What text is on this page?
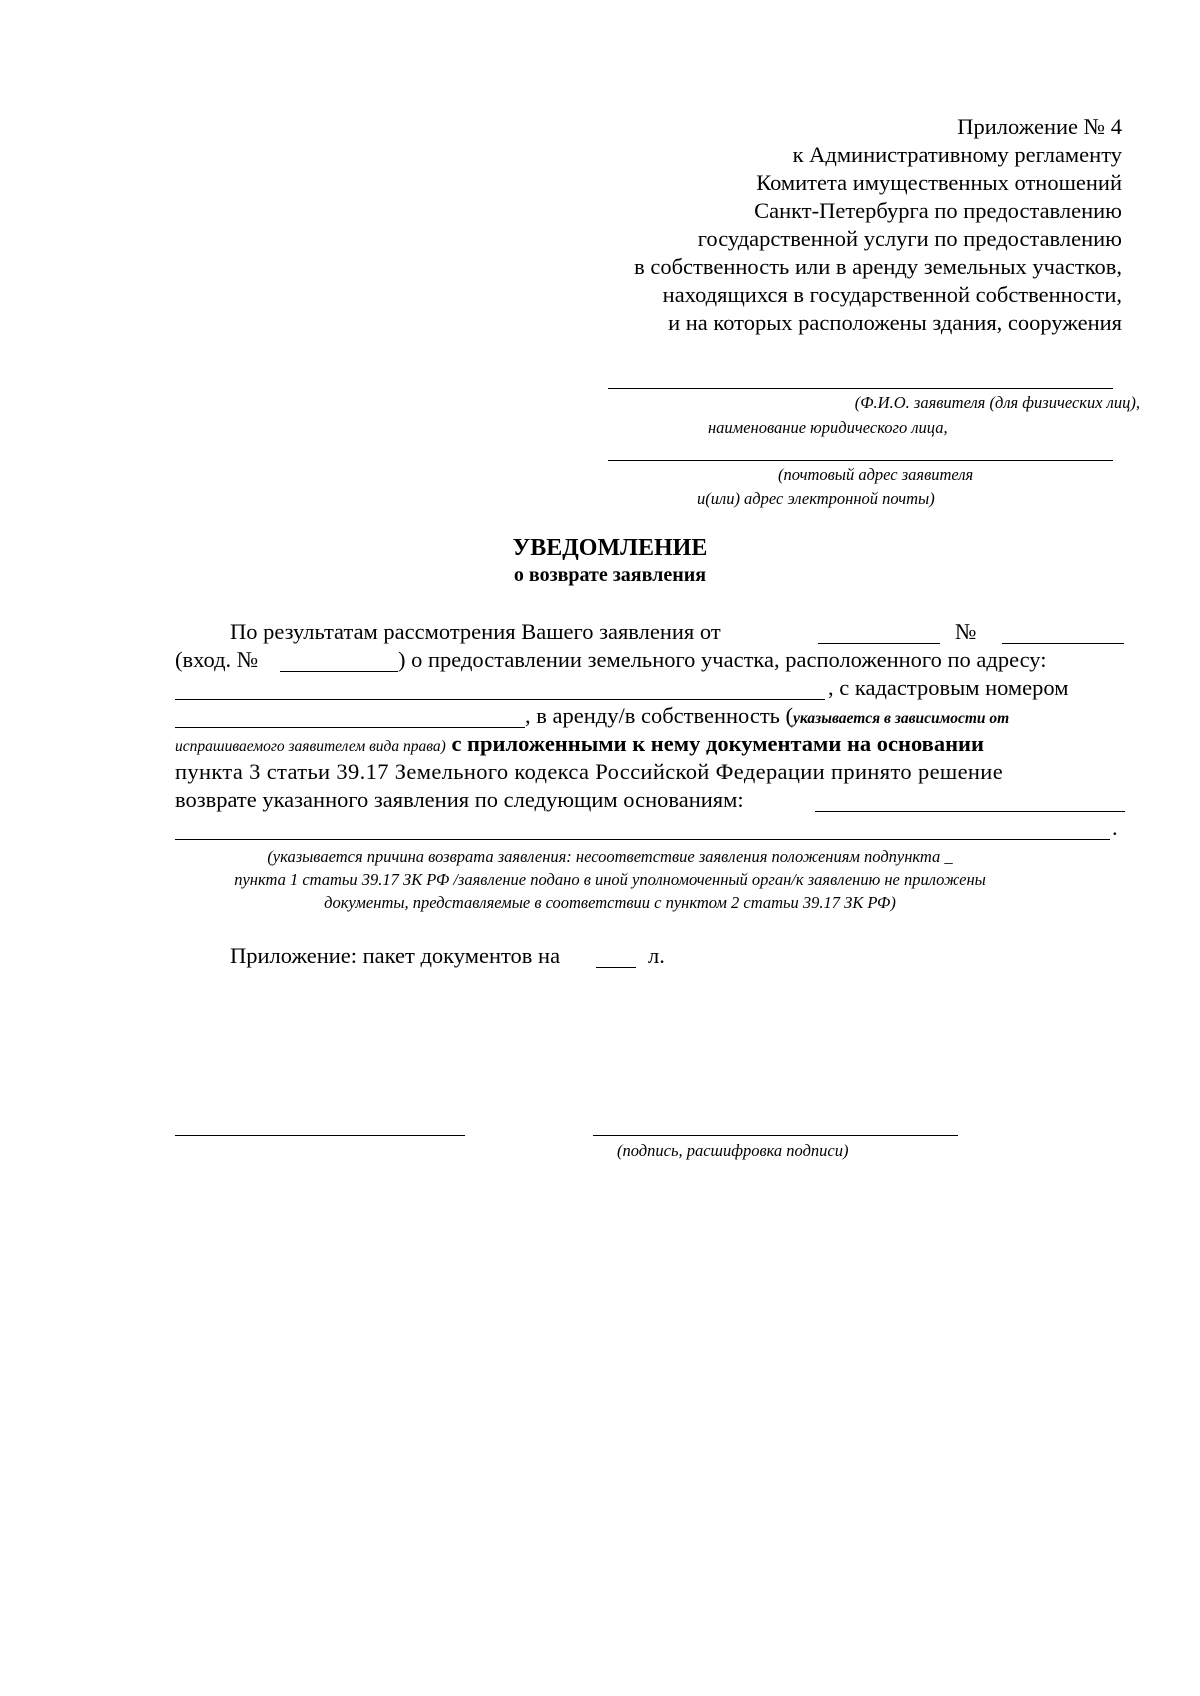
Приложение № 4
к Административному регламенту
Комитета имущественных отношений
Санкт-Петербурга по предоставлению
государственной услуги по предоставлению
в собственность или в аренду земельных участков,
находящихся в государственной собственности,
и на которых расположены здания, сооружения
(Ф.И.О. заявителя (для физических лиц),
наименование юридического лица,
(почтовый адрес заявителя
и(или) адрес электронной почты)
УВЕДОМЛЕНИЕ
о возврате заявления
По результатам рассмотрения Вашего заявления от	№
(вход. №	) о предоставлении земельного участка, расположенного по адресу:
, с кадастровым номером
, в аренду/в собственность (указывается в зависимости от
испрашиваемого заявителем вида права) с приложенными к нему документами на основании
пункта 3 статьи 39.17 Земельного кодекса Российской Федерации принято решение
возврате указанного заявления по следующим основаниям:
.
(указывается причина возврата заявления: несоответствие заявления положениям подпункта _
пункта 1 статьи 39.17 ЗК РФ /заявление подано в иной уполномоченный орган/к заявлению не приложены
документы, представляемые в соответствии с пунктом 2 статьи 39.17 ЗК РФ)
Приложение: пакет документов на	л.
(подпись, расшифровка подписи)
